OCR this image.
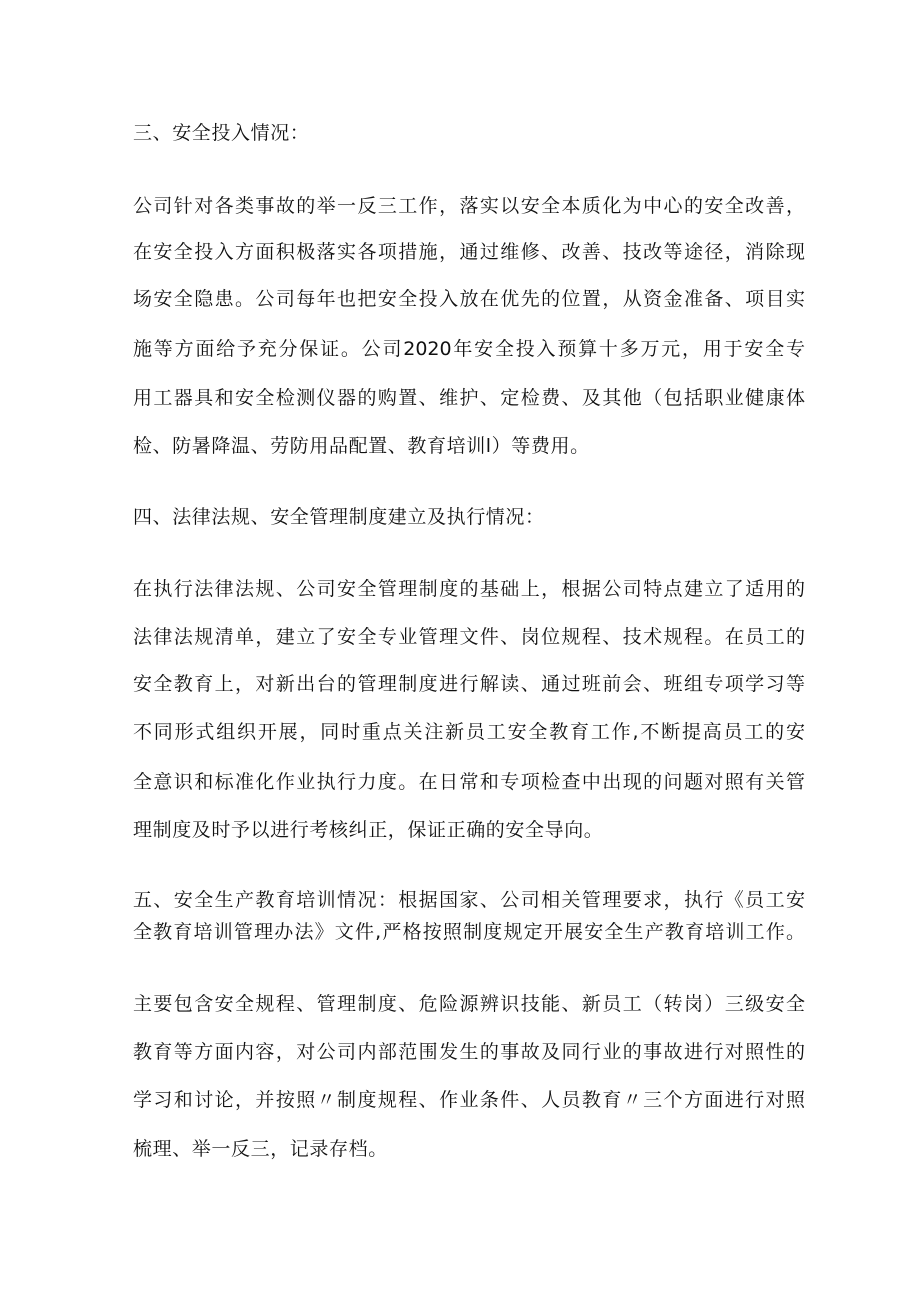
三、安全投入情况：
公司针对各类事故的举一反三工作，落实以安全本质化为中心的安全改善，
在安全投入方面积极落实各项措施，通过维修、改善、技改等途径，消除现
场安全隐患。公司每年也把安全投入放在优先的位置，从资金准备、项目实
施等方面给予充分保证。公司2020年安全投入预算十多万元，用于安全专
用工器具和安全检测仪器的购置、维护、定检费、及其他（包括职业健康体
检、防暑降温、劳防用品配置、教育培训l）等费用。
四、法律法规、安全管理制度建立及执行情况：
在执行法律法规、公司安全管理制度的基础上，根据公司特点建立了适用的
法律法规清单，建立了安全专业管理文件、岗位规程、技术规程。在员工的
安全教育上，对新出台的管理制度进行解读、通过班前会、班组专项学习等
不同形式组织开展，同时重点关注新员工安全教育工作,不断提高员工的安
全意识和标准化作业执行力度。在日常和专项检查中出现的问题对照有关管
理制度及时予以进行考核纠正，保证正确的安全导向。
五、安全生产教育培训情况：根据国家、公司相关管理要求，执行《员工安
全教育培训管理办法》文件,严格按照制度规定开展安全生产教育培训工作。
主要包含安全规程、管理制度、危险源辨识技能、新员工（转岗）三级安全
教育等方面内容，对公司内部范围发生的事故及同行业的事故进行对照性的
学习和讨论，并按照〃制度规程、作业条件、人员教育〃三个方面进行对照
梳理、举一反三，记录存档。
